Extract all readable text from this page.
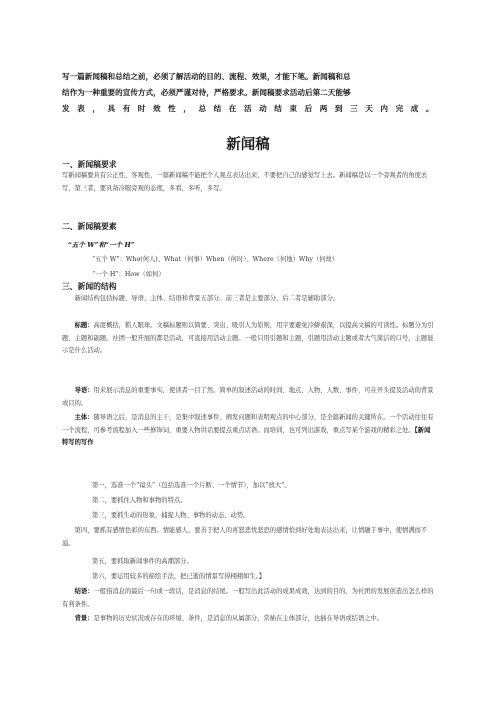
写一篇新闻稿和总结之前，必须了解活动的目的、流程、效果，才能下笔。新闻稿和总
结作为一种重要的宣传方式，必须严谨对待，严格要求。新闻稿要求活动后第二天能够
发 表 ， 具 有 时 效 性 ， 总 结 在 活 动 结 束 后 两 到 三 天 内 完 成 。
新闻稿
一、新闻稿要求
写新闻稿要具有公正性、客观性，一篇新闻稿不能把个人观点表达出来，不要把自己的感觉写上去。新闻稿是以一个旁观者的角度去写，第三者，要具备冷眼旁观的态度，多看，多听，多写。
二、新闻稿要素
“五个 W”和“一个 H”
“五个 W”：Who(何人)、What（何事）When（何时）、Where（何地）Why（何故）
“一个 H”：How（如何）
三、新闻的结构
新闻结构包括标题、导语、主体、结语和背景五部分。前三者是主要部分，后二者是辅助部分。
标题：高度概括，抓人眼球。文稿标题则以简要、突出、吸引人为原则，用字要避免冷僻艰深，以提高文稿的可读性。标题分为引题、主题和副题。社团一般开展的都是活动，可直接用活动主题。一般只用引题和主题，引题用活动主题或者大气简洁的口号，主题显示是什么活动。
导语：用来展示消息的重要事实，使读者一目了然。简单的叙述活动的时间、地点、人物、人数、事件，可在开头提及活动的背景或目的。
主体：随导语之后，是消息的主干，是集中叙述事件、阐发问题和表明观点的中心部分，是全篇新闻的关键所在。一个活动往往有一个流程，可参考流程加入一些修饰词，重要人物讲话要提点重点话语。而培训，也可列出游戏，重点写某个游戏的精彩之处。【新闻特写的写作
第一，选准一个“镜头”（包括选准一个片断、一个情节），加以“放大”。
第二，要抓住人物和事物的特点。
第三，要抓生动的形象，捕捉人物、事物的动态、动势。
第四，要抓有感情色彩的东西。情能感人，要善于把人的喜怒悲忧悲恐的感情恰到好处地表达出来，让情融于事中，使情满而不溢。
第五，要抓取新闻事件的高潮部分。
第六，要运用较多的描绘手法，把已逝的情景写得栩栩如生。】
结语：一般指消息的最后一句或一段话，是消息的结尾。一般写出此活动的成果成效，达到的目的，为社团的发展创造出怎么样的有利条件。
背景：是事物的历史状况或存在的环境、条件，是消息的从属部分，常插在主体部分，也插在导语或结语之中。
